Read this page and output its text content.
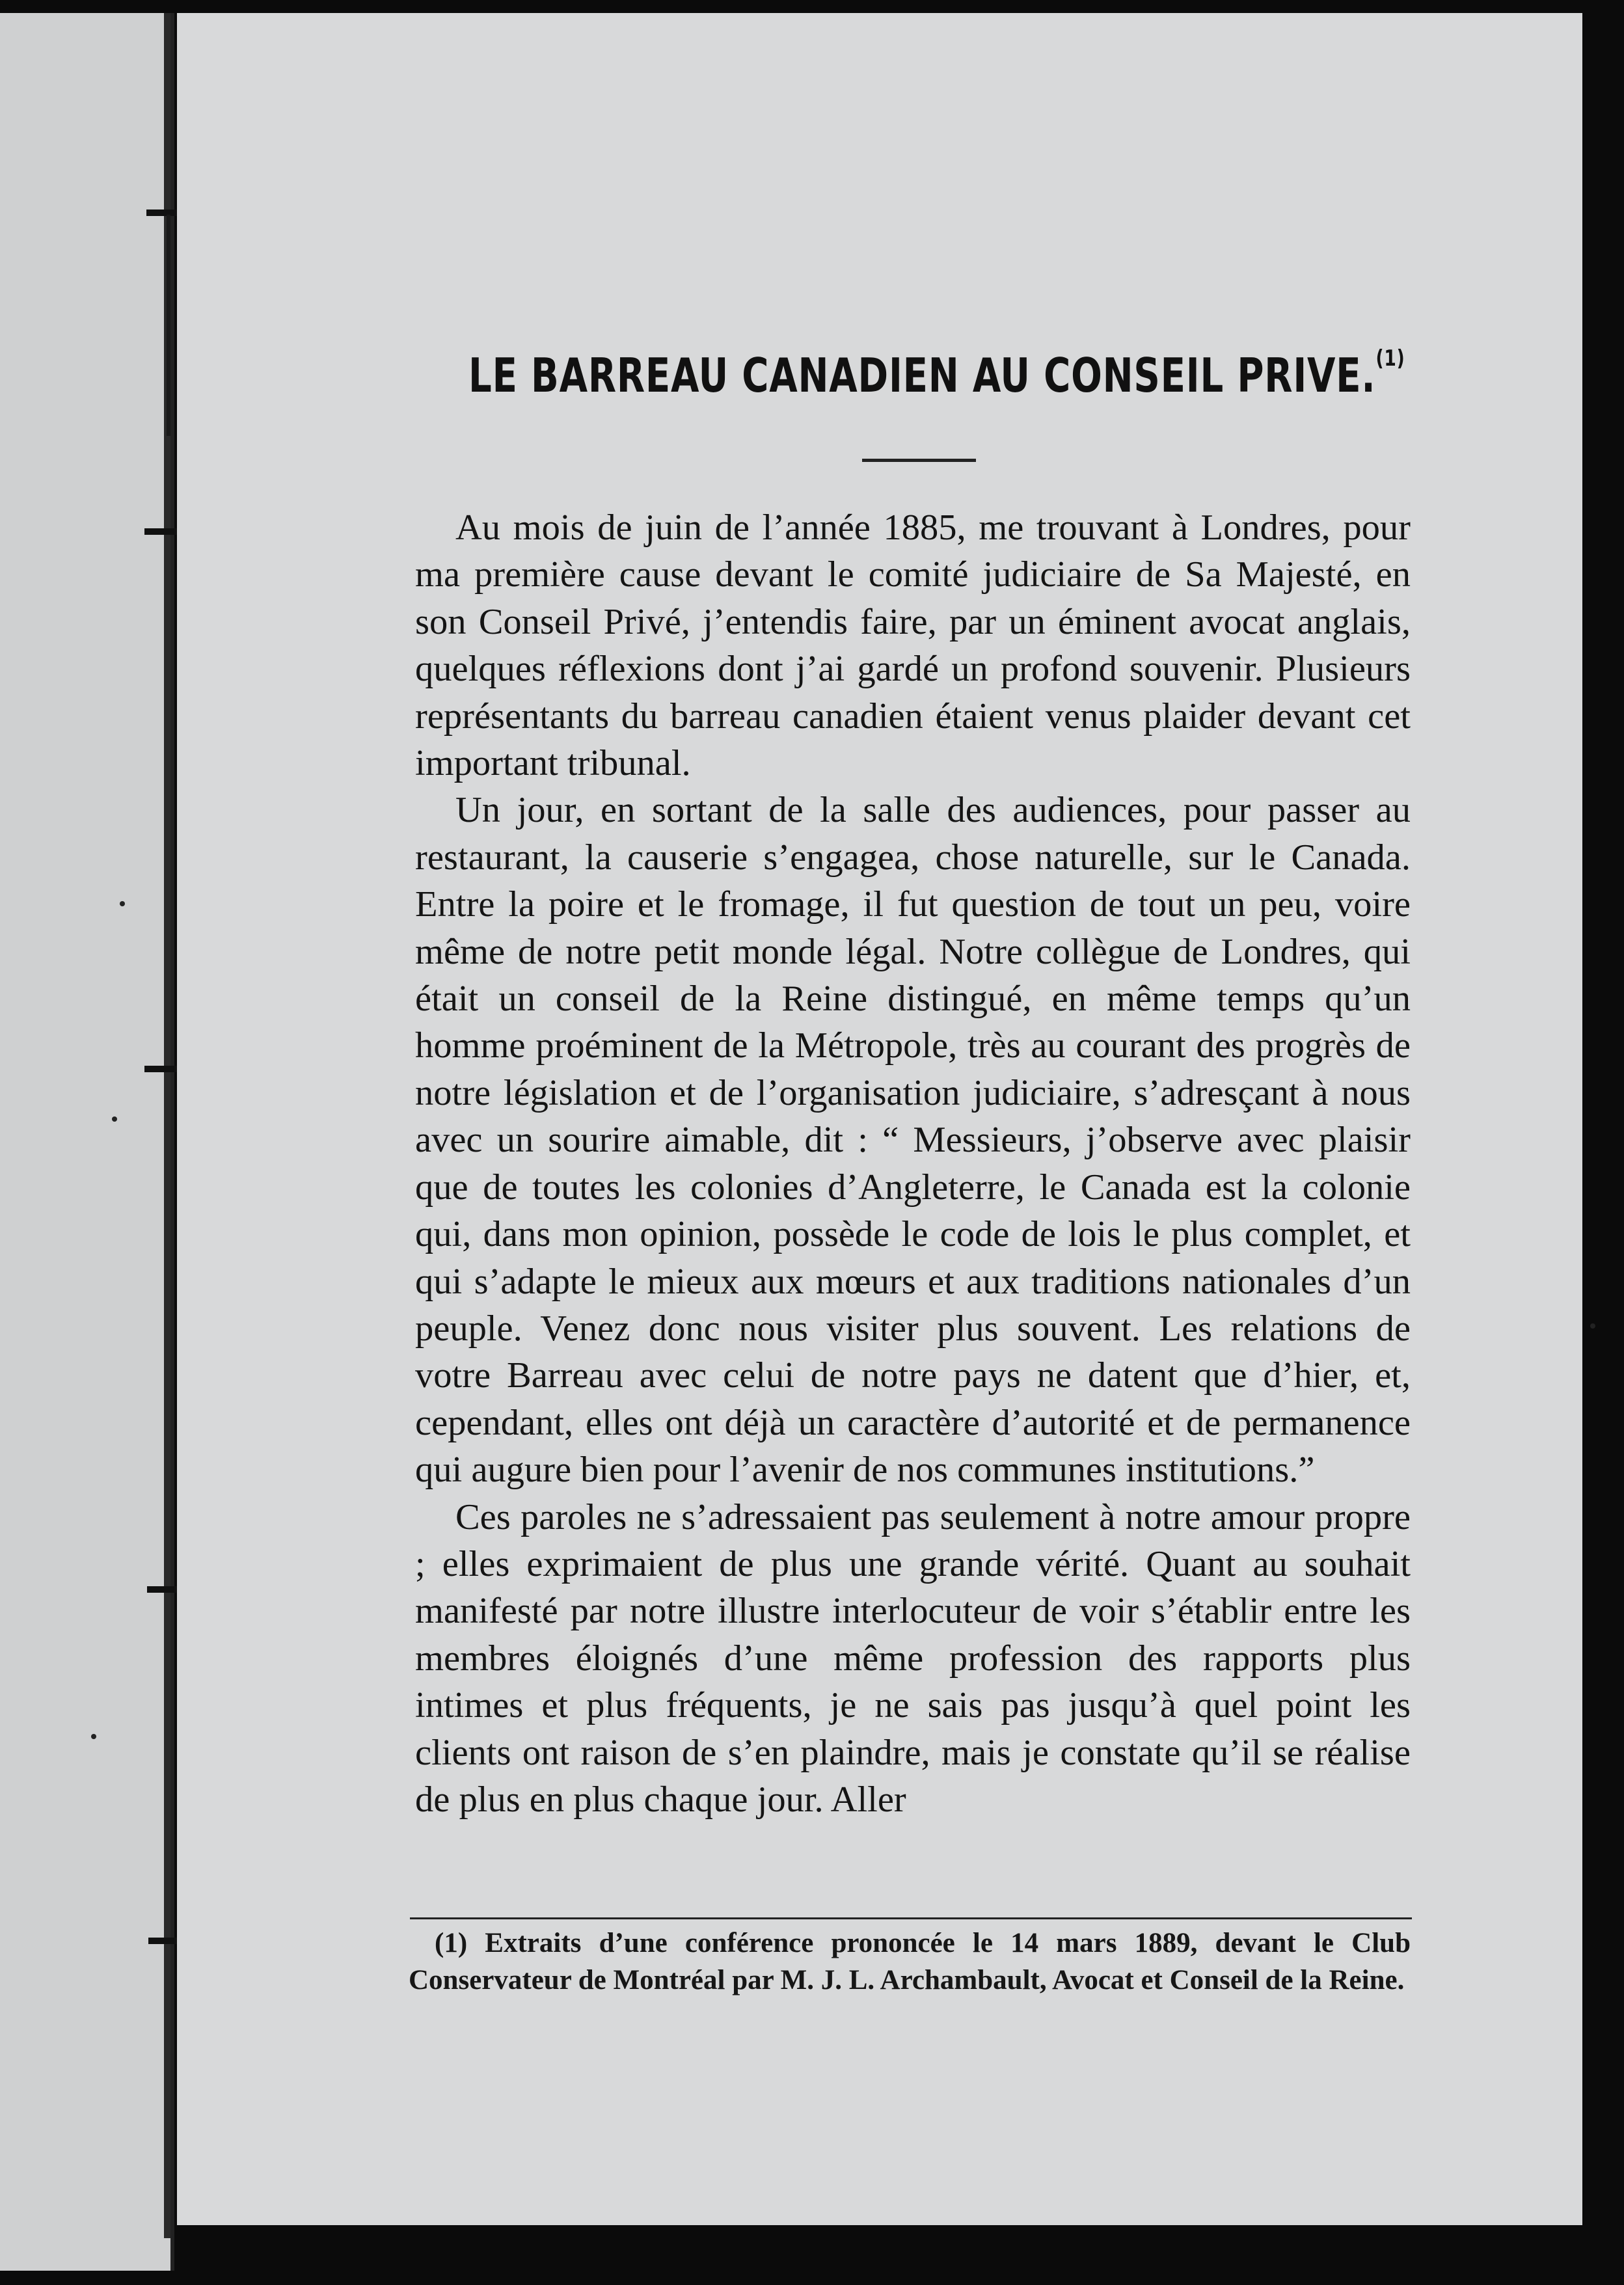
LE BARREAU CANADIEN AU CONSEIL PRIVE.$^{(1)}$

Au mois de juin de l’année 1885, me trouvant à Londres, pour ma première cause devant le comité judiciaire de Sa Majesté, en son Conseil Privé, j’entendis faire, par un éminent avocat anglais, quelques réflexions dont j’ai gardé un profond souvenir. Plusieurs représentants du barreau canadien étaient venus plaider devant cet important tribunal.

Un jour, en sortant de la salle des audiences, pour passer au restaurant, la causerie s’engagea, chose naturelle, sur le Canada. Entre la poire et le fromage, il fut question de tout un peu, voire même de notre petit monde légal. Notre collègue de Londres, qui était un conseil de la Reine distingué, en même temps qu’un homme proéminent de la Métropole, très au courant des progrès de notre législation et de l’organisation judiciaire, s’adresçant à nous avec un sourire aimable, dit : “ Messieurs, j’observe avec plaisir que de toutes les colonies d’Angleterre, le Canada est la colonie qui, dans mon opinion, possède le code de lois le plus complet, et qui s’adapte le mieux aux mœurs et aux traditions nationales d’un peuple. Venez donc nous visiter plus souvent. Les relations de votre Barreau avec celui de notre pays ne datent que d’hier, et, cependant, elles ont déjà un caractère d’autorité et de permanence qui augure bien pour l’avenir de nos communes institutions.”

Ces paroles ne s’adressaient pas seulement à notre amour propre ; elles exprimaient de plus une grande vérité. Quant au souhait manifesté par notre illustre interlocuteur de voir s’établir entre les membres éloignés d’une même profession des rapports plus intimes et plus fréquents, je ne sais pas jusqu’à quel point les clients ont raison de s’en plaindre, mais je constate qu’il se réalise de plus en plus chaque jour. Aller

(1) Extraits d’une conférence prononcée le 14 mars 1889, devant le Club Conservateur de Montréal par M. J. L. Archambault, Avocat et Conseil de la Reine.
